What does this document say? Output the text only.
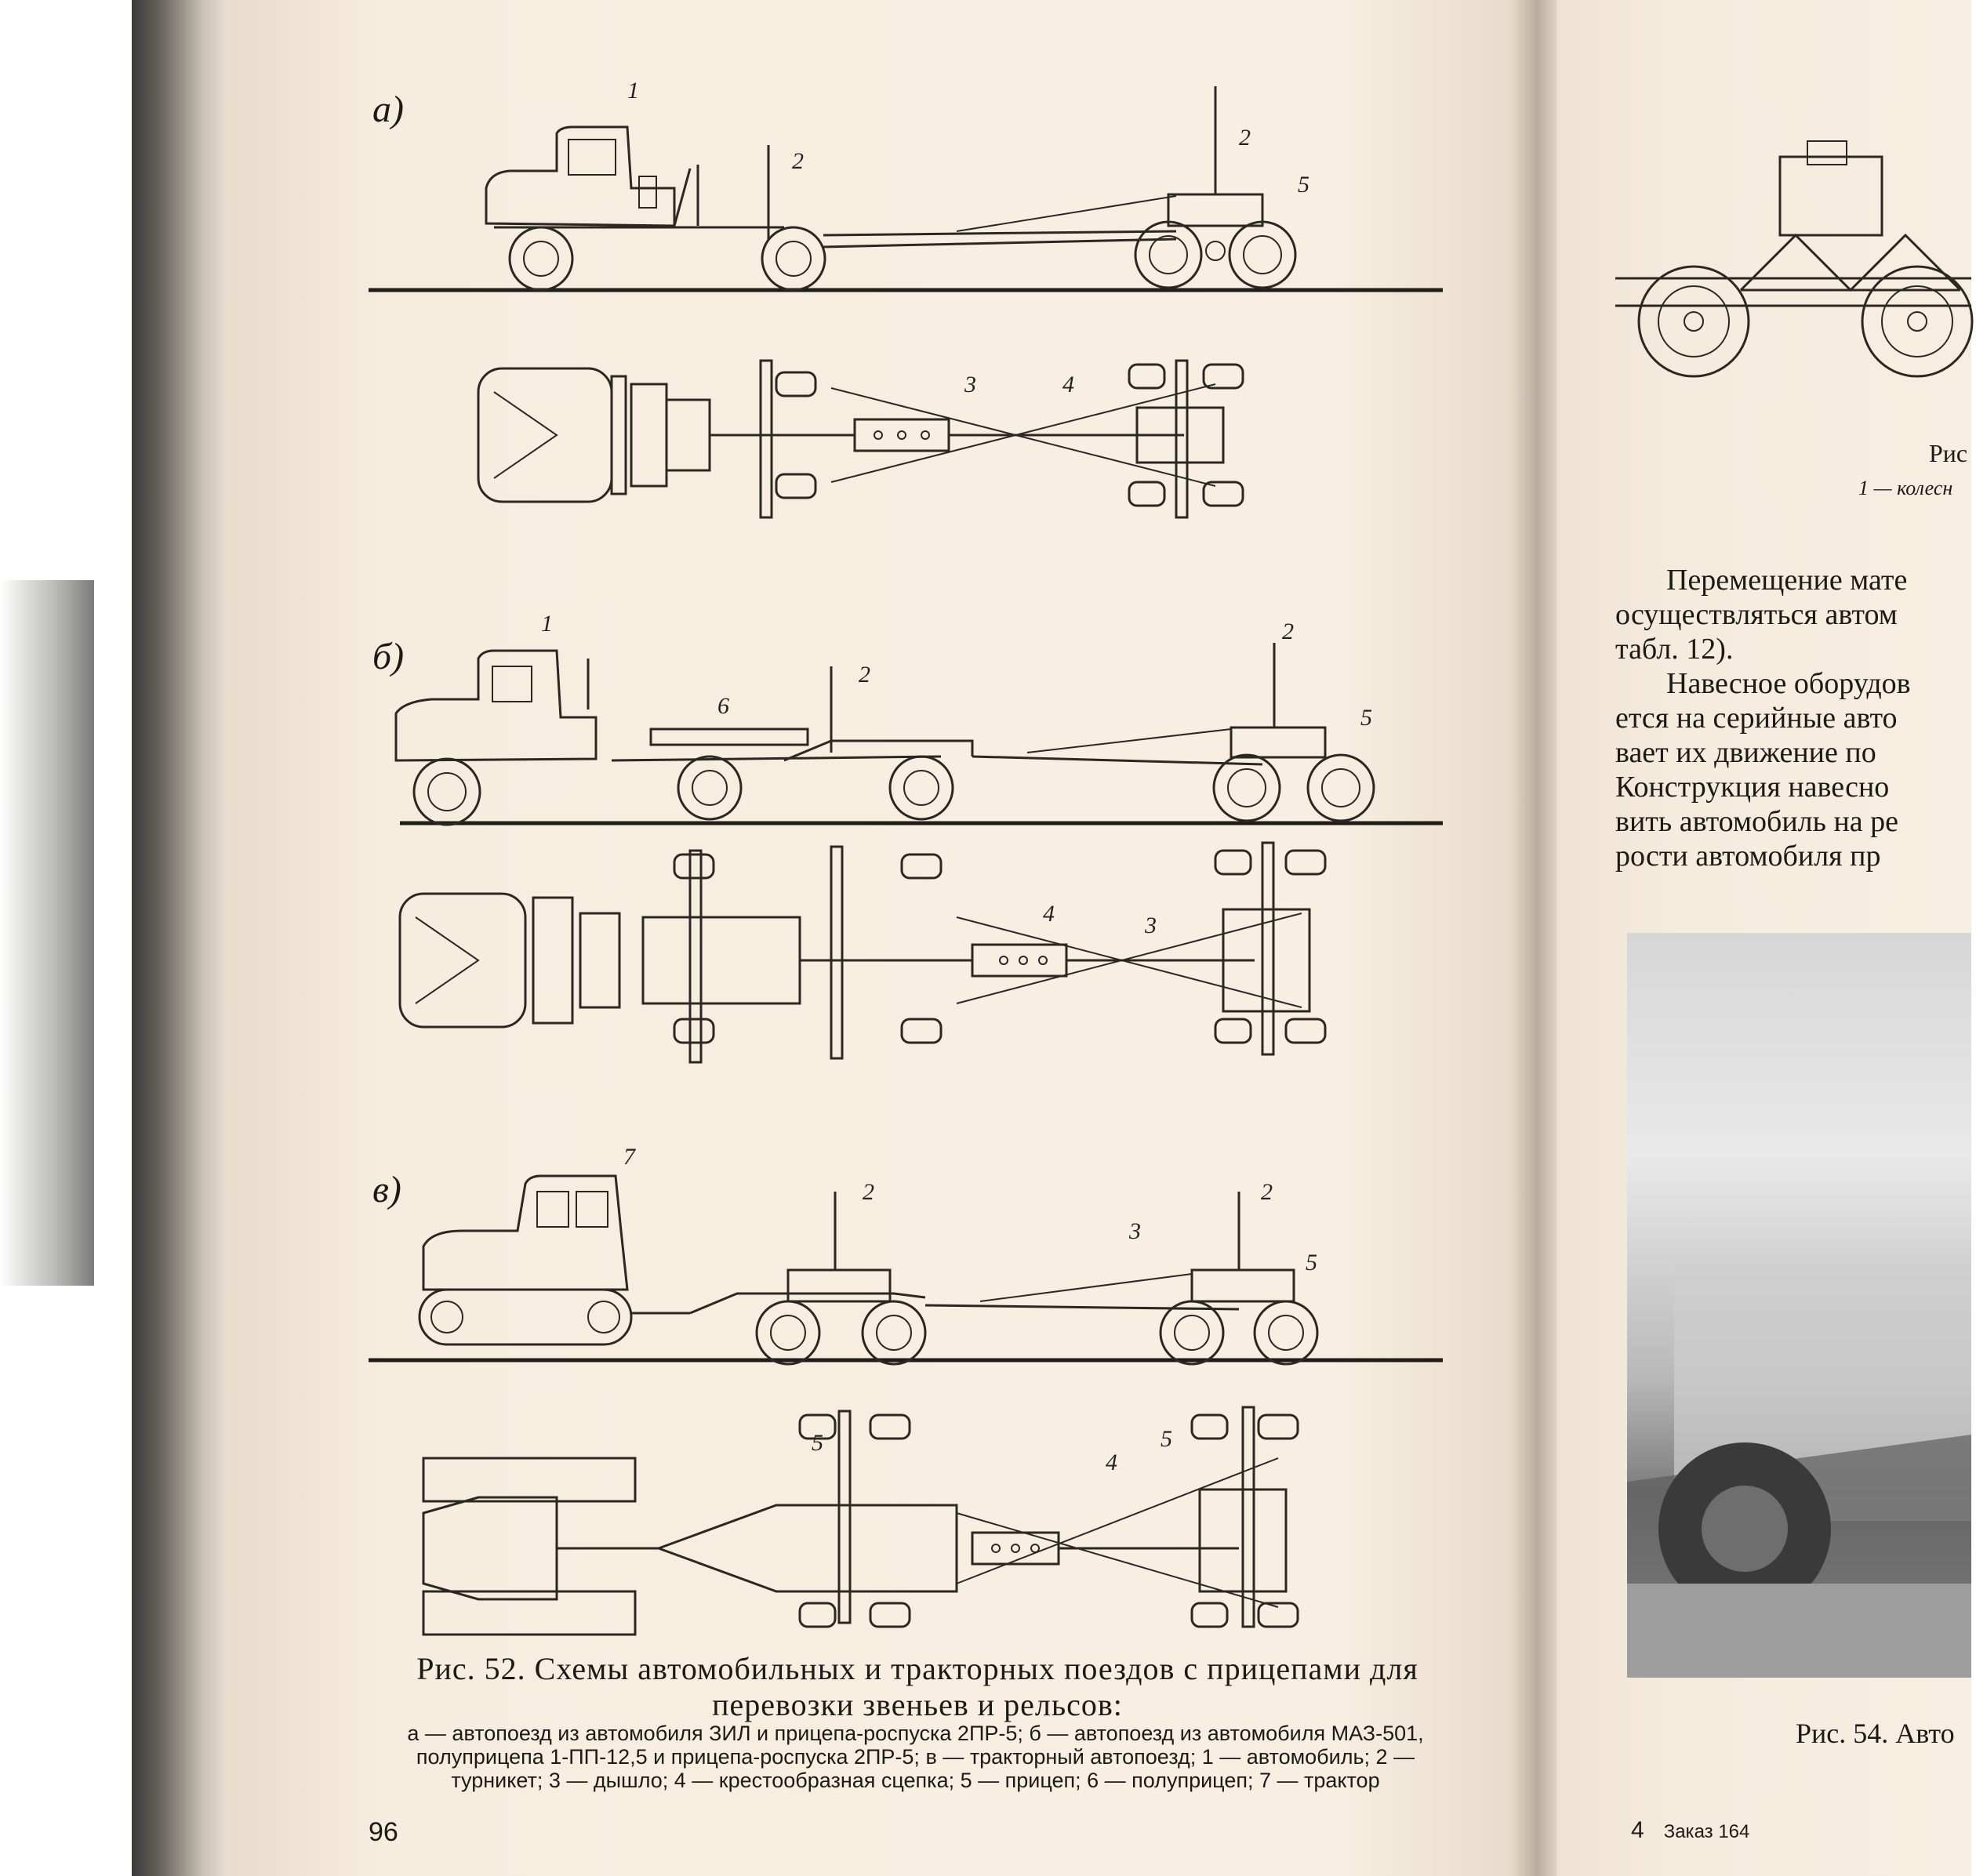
а)	1
2
2
5
3	4
б)
1
6
2
2
5
4	3
в)
7
2	2
3
5
5	5
4
Рис. 52. Схемы автомобильных и тракторных поездов с прицепами для перевозки звеньев и рельсов:
а — автопоезд из автомобиля ЗИЛ и прицепа-роспуска 2ПР-5; б — автопоезд из автомобиля МАЗ-501, полуприцепа 1-ПП-12,5 и прицепа-роспуска 2ПР-5; в — тракторный автопоезд; 1 — автомобиль; 2 — турникет; 3 — дышло; 4 — крестообразная сцепка; 5 — прицеп; 6 — полуприцеп; 7 — трактор
96
Рис
1 — колесн

Перемещение мате

осуществляться автом

табл. 12).

Навесное оборудов

ется на серийные авто

вает их движение по

Конструкция навесно

вить автомобиль на ре

рости автомобиля пр

Рис. 54. Авто
4 Заказ 164
